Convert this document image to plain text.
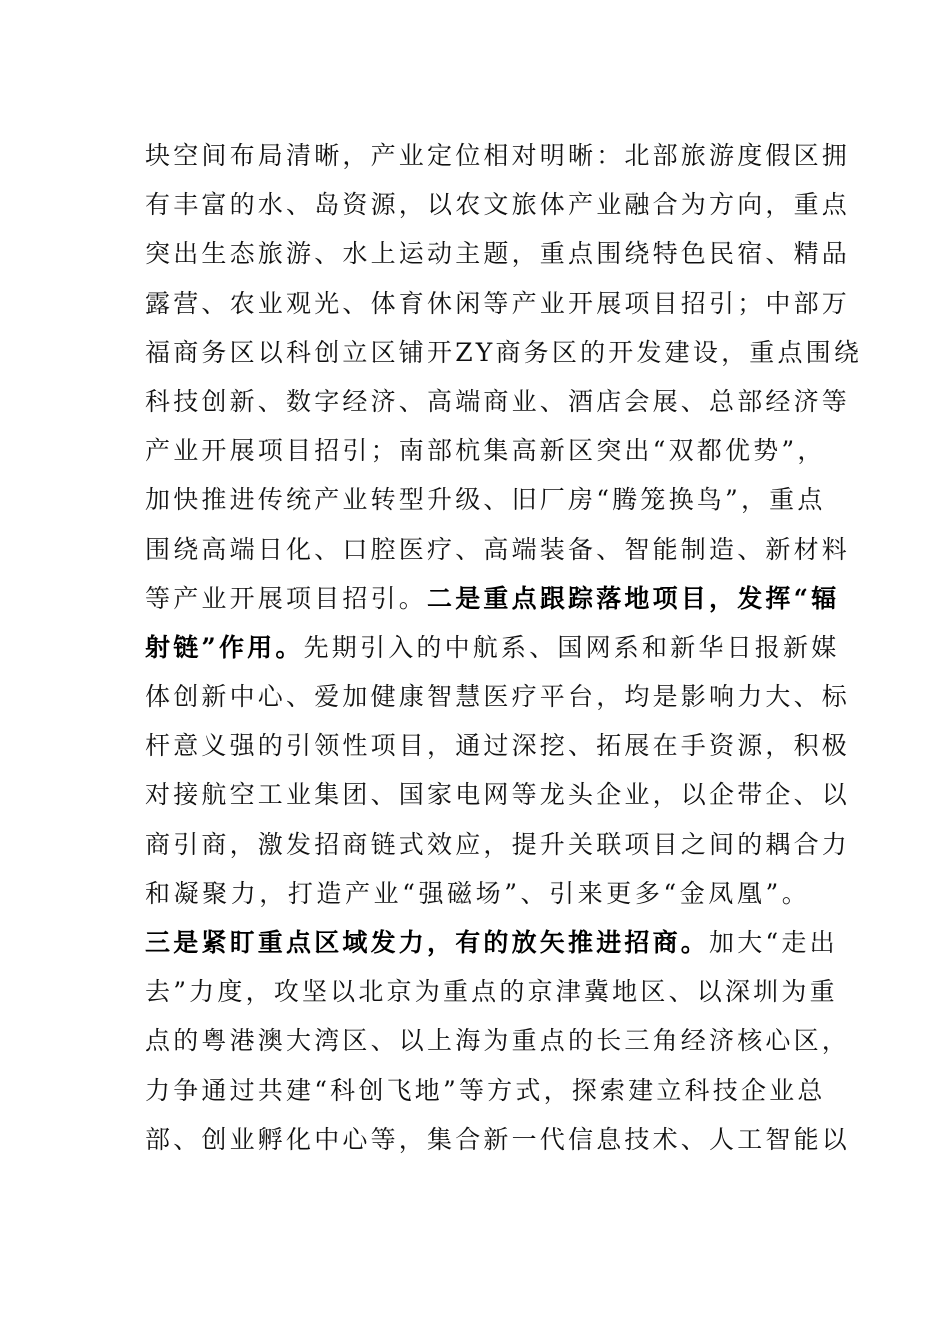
块空间布局清晰，产业定位相对明晰：北部旅游度假区拥
有丰富的水、岛资源，以农文旅体产业融合为方向，重点
突出生态旅游、水上运动主题，重点围绕特色民宿、精品
露营、农业观光、体育休闲等产业开展项目招引；中部万
福商务区以科创立区铺开ZY商务区的开发建设，重点围绕
科技创新、数字经济、高端商业、酒店会展、总部经济等
产业开展项目招引；南部杭集高新区突出“双都优势”，
加快推进传统产业转型升级、旧厂房“腾笼换鸟”，重点
围绕高端日化、口腔医疗、高端装备、智能制造、新材料
等产业开展项目招引。二是重点跟踪落地项目，发挥“辐
射链”作用。先期引入的中航系、国网系和新华日报新媒
体创新中心、爱加健康智慧医疗平台，均是影响力大、标
杆意义强的引领性项目，通过深挖、拓展在手资源，积极
对接航空工业集团、国家电网等龙头企业，以企带企、以
商引商，激发招商链式效应，提升关联项目之间的耦合力
和凝聚力，打造产业“强磁场”、引来更多“金凤凰”。
三是紧盯重点区域发力，有的放矢推进招商。加大“走出
去”力度，攻坚以北京为重点的京津冀地区、以深圳为重
点的粤港澳大湾区、以上海为重点的长三角经济核心区，
力争通过共建“科创飞地”等方式，探索建立科技企业总
部、创业孵化中心等，集合新一代信息技术、人工智能以
